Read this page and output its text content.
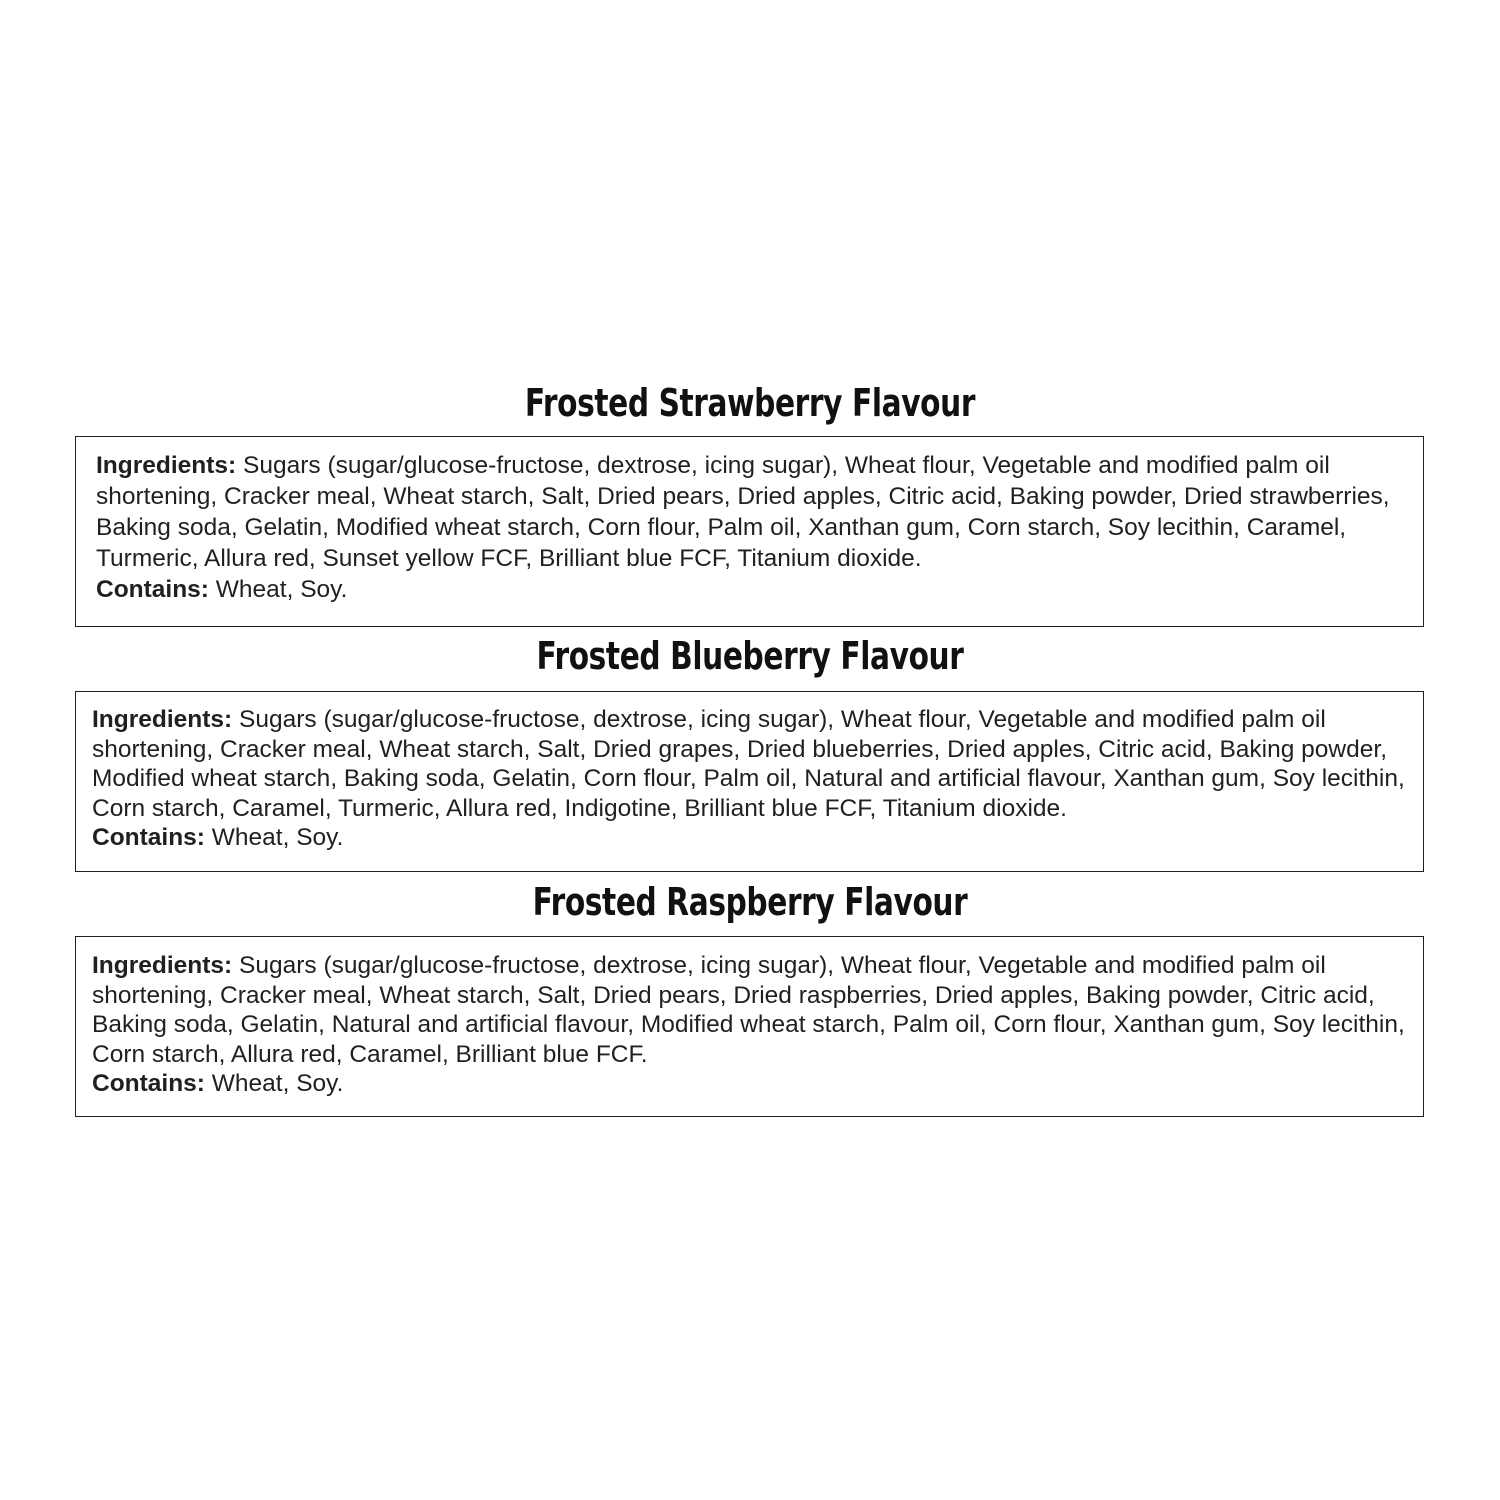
Frosted Strawberry Flavour

Ingredients: Sugars (sugar/glucose-fructose, dextrose, icing sugar), Wheat flour, Vegetable and modified palm oil shortening, Cracker meal, Wheat starch, Salt, Dried pears, Dried apples, Citric acid, Baking powder, Dried strawberries, Baking soda, Gelatin, Modified wheat starch, Corn flour, Palm oil, Xanthan gum, Corn starch, Soy lecithin, Caramel, Turmeric, Allura red, Sunset yellow FCF, Brilliant blue FCF, Titanium dioxide.
Contains: Wheat, Soy.

Frosted Blueberry Flavour

Ingredients: Sugars (sugar/glucose-fructose, dextrose, icing sugar), Wheat flour, Vegetable and modified palm oil shortening, Cracker meal, Wheat starch, Salt, Dried grapes, Dried blueberries, Dried apples, Citric acid, Baking powder, Modified wheat starch, Baking soda, Gelatin, Corn flour, Palm oil, Natural and artificial flavour, Xanthan gum, Soy lecithin, Corn starch, Caramel, Turmeric, Allura red, Indigotine, Brilliant blue FCF, Titanium dioxide.
Contains: Wheat, Soy.

Frosted Raspberry Flavour

Ingredients: Sugars (sugar/glucose-fructose, dextrose, icing sugar), Wheat flour, Vegetable and modified palm oil shortening, Cracker meal, Wheat starch, Salt, Dried pears, Dried raspberries, Dried apples, Baking powder, Citric acid, Baking soda, Gelatin, Natural and artificial flavour, Modified wheat starch, Palm oil, Corn flour, Xanthan gum, Soy lecithin, Corn starch, Allura red, Caramel, Brilliant blue FCF.
Contains: Wheat, Soy.
